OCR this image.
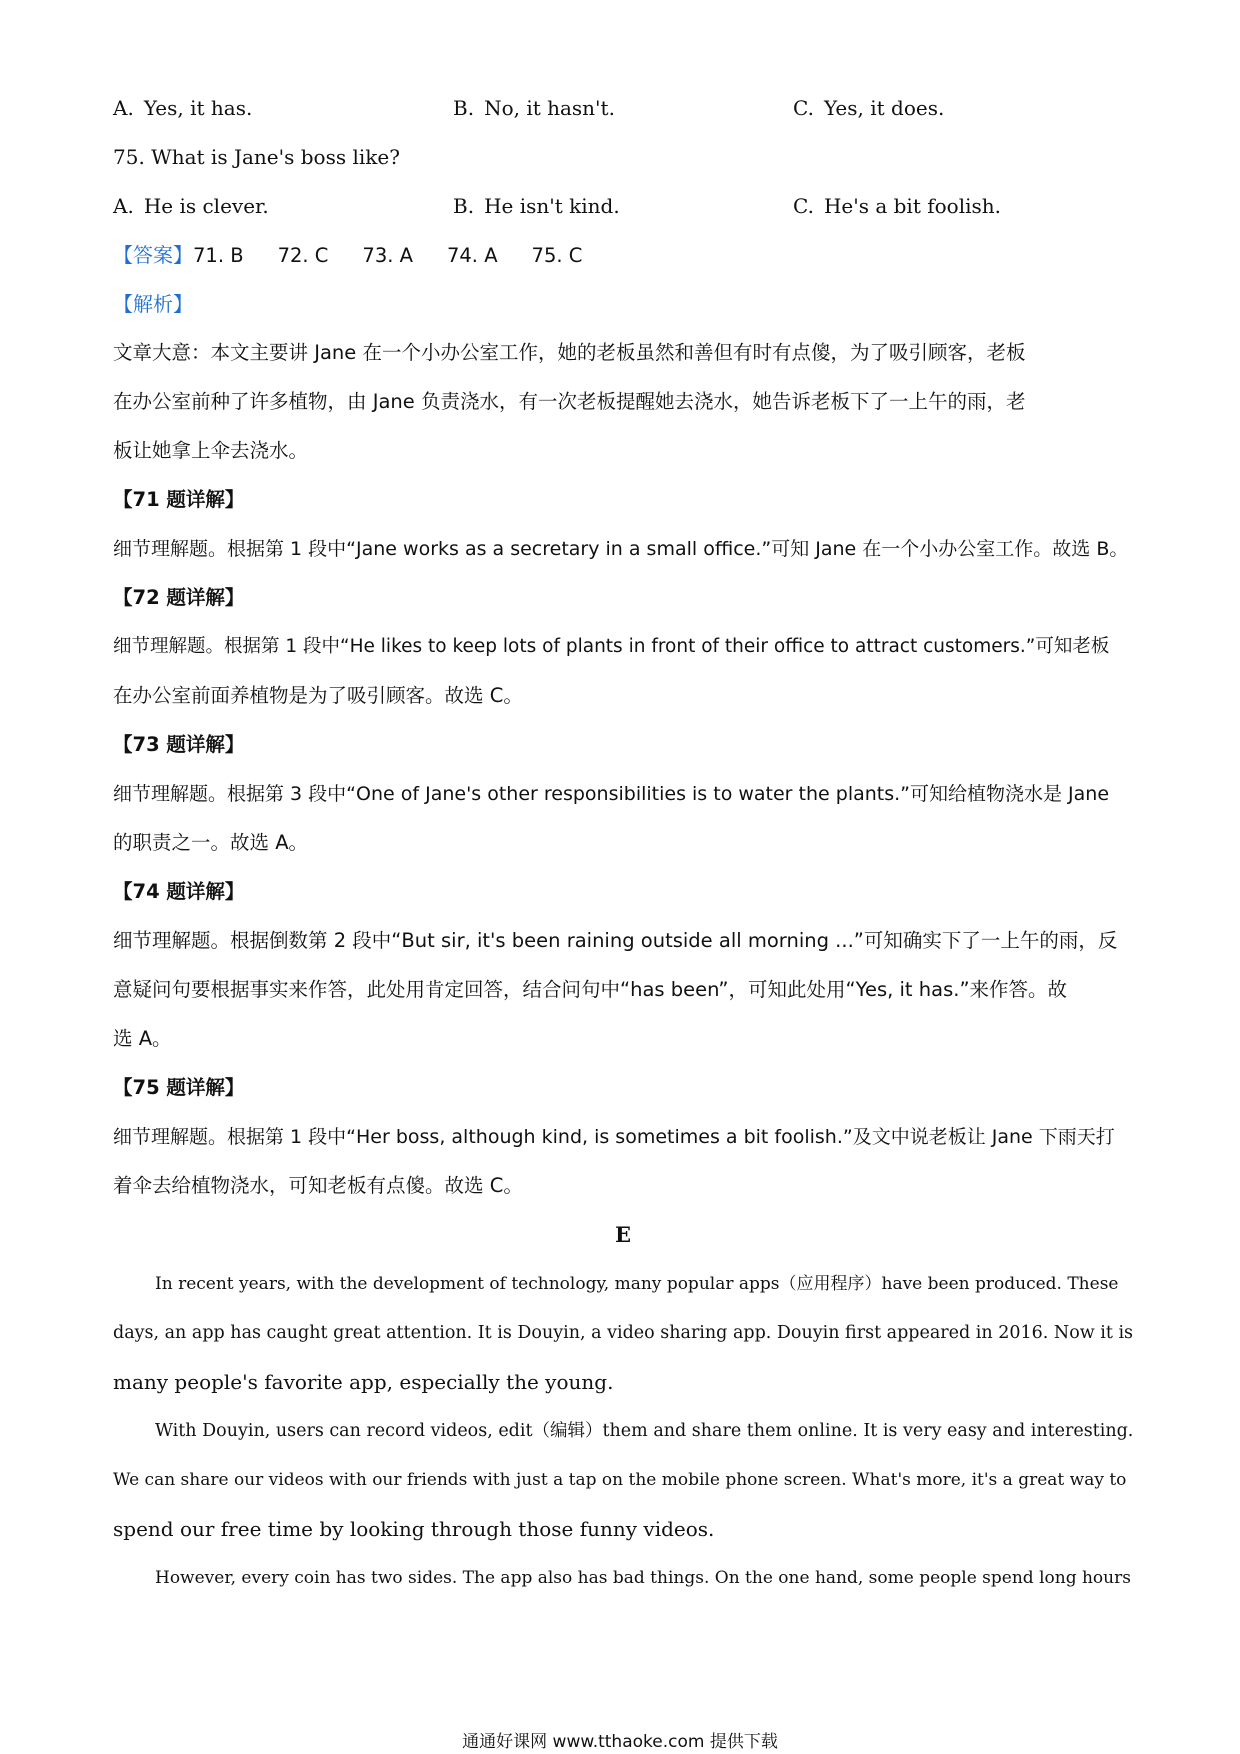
A. Yes, it has.	B. No, it hasn't.	C. Yes, it does.
75. What is Jane's boss like?
A. He is clever.	B. He isn't kind.	C. He's a bit foolish.
【答案】71. B 72. C 73. A 74. A 75. C
【解析】
文章大意：本文主要讲 Jane 在一个小办公室工作，她的老板虽然和善但有时有点傻，为了吸引顾客，老板
在办公室前种了许多植物，由 Jane 负责浇水，有一次老板提醒她去浇水，她告诉老板下了一上午的雨，老
板让她拿上伞去浇水。
【71 题详解】
细节理解题。根据第 1 段中“Jane works as a secretary in a small office.”可知 Jane 在一个小办公室工作。故选 B。
【72 题详解】
细节理解题。根据第 1 段中“He likes to keep lots of plants in front of their office to attract customers.”可知老板
在办公室前面养植物是为了吸引顾客。故选 C。
【73 题详解】
细节理解题。根据第 3 段中“One of Jane's other responsibilities is to water the plants.”可知给植物浇水是 Jane
的职责之一。故选 A。
【74 题详解】
细节理解题。根据倒数第 2 段中“But sir, it's been raining outside all morning ...”可知确实下了一上午的雨，反
意疑问句要根据事实来作答，此处用肯定回答，结合问句中“has been”，可知此处用“Yes, it has.”来作答。故
选 A。
【75 题详解】
细节理解题。根据第 1 段中“Her boss, although kind, is sometimes a bit foolish.”及文中说老板让 Jane 下雨天打
着伞去给植物浇水，可知老板有点傻。故选 C。
E
In recent years, with the development of technology, many popular apps（应用程序）have been produced. These
days, an app has caught great attention. It is Douyin, a video sharing app. Douyin first appeared in 2016. Now it is
many people's favorite app, especially the young.
With Douyin, users can record videos, edit（编辑）them and share them online. It is very easy and interesting.
We can share our videos with our friends with just a tap on the mobile phone screen. What's more, it's a great way to
spend our free time by looking through those funny videos.
However, every coin has two sides. The app also has bad things. On the one hand, some people spend long hours
通通好课网 www.tthaoke.com 提供下载
